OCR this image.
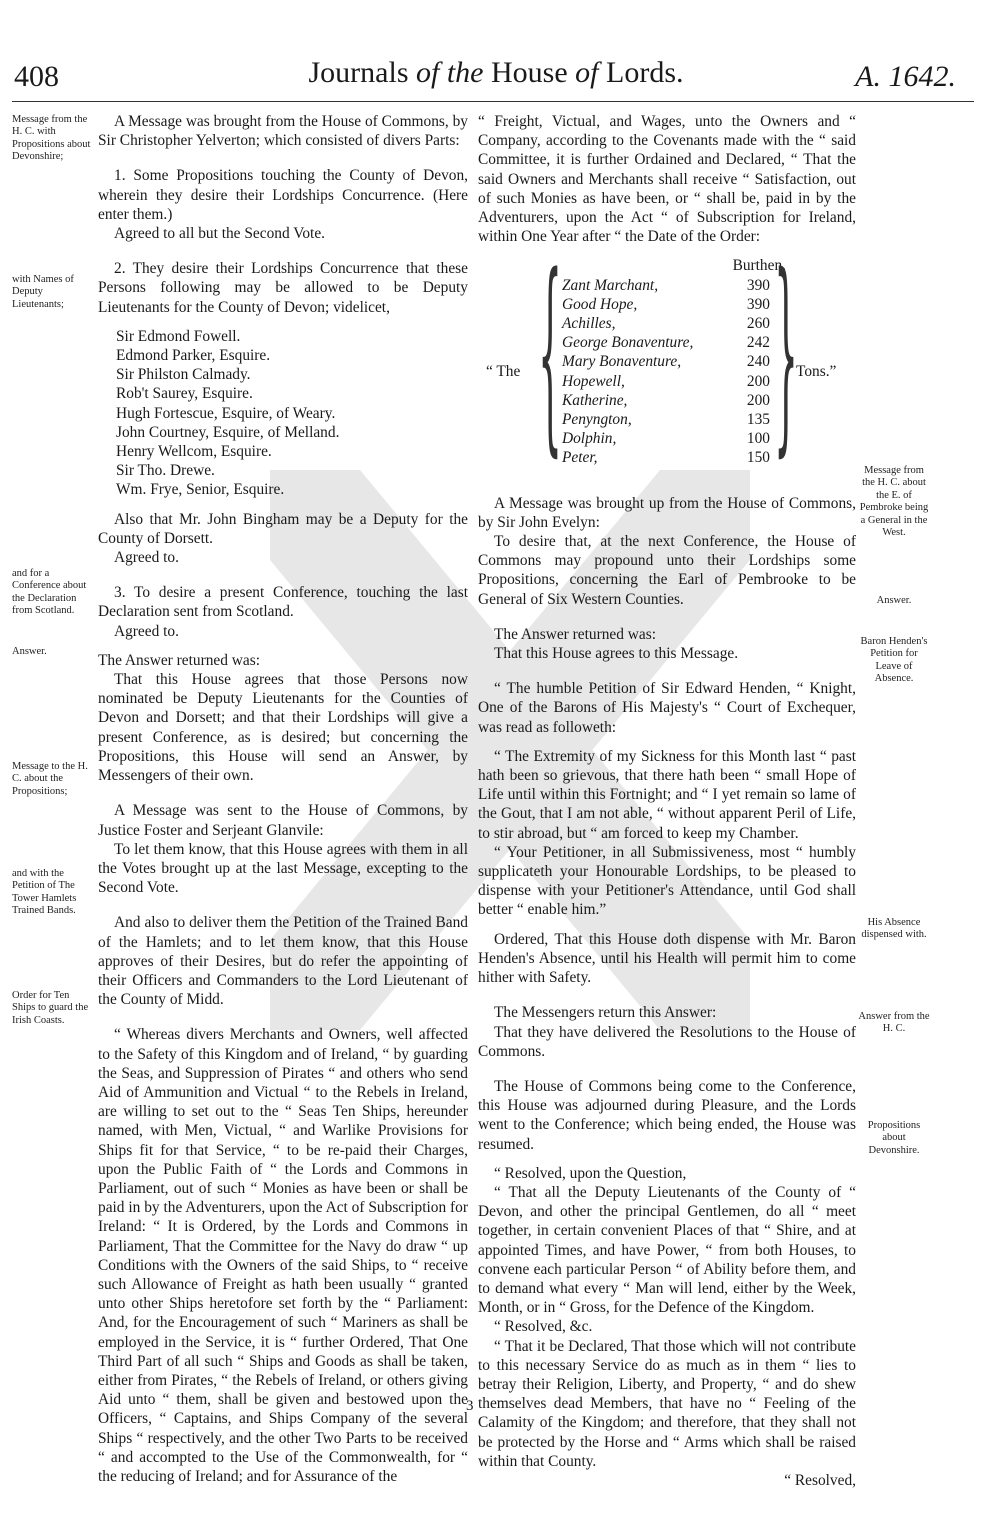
408	Journals of the House of Lords.	A. 1642.
Message from the H. C. with Propositions about Devonshire;
with Names of Deputy Lieutenants;
and for a Conference about the Declaration from Scotland.
Answer.
Message to the H. C. about the Propositions;
and with the Petition of The Tower Hamlets Trained Bands.
Order for Ten Ships to guard the Irish Coasts.
Message from the H. C. about the E. of Pembroke being a General in the West.
Answer.
Baron Henden's Petition for Leave of Absence.
His Absence dispensed with.
Answer from the H. C.
Propositions about Devonshire.

A Message was brought from the House of Commons, by Sir Christopher Yelverton; which consisted of divers Parts:

1. Some Propositions touching the County of Devon, wherein they desire their Lordships Concurrence. (Here enter them.)

Agreed to all but the Second Vote.

2. They desire their Lordships Concurrence that these Persons following may be allowed to be Deputy Lieutenants for the County of Devon; videlicet,

Sir Edmond Fowell.

Edmond Parker, Esquire.

Sir Philston Calmady.

Rob't Saurey, Esquire.

Hugh Fortescue, Esquire, of Weary.

John Courtney, Esquire, of Melland.

Henry Wellcom, Esquire.

Sir Tho. Drewe.

Wm. Frye, Senior, Esquire.

Also that Mr. John Bingham may be a Deputy for the County of Dorsett.

Agreed to.

3. To desire a present Conference, touching the last Declaration sent from Scotland.

Agreed to.

The Answer returned was:

That this House agrees that those Persons now nominated be Deputy Lieutenants for the Counties of Devon and Dorsett; and that their Lordships will give a present Conference, as is desired; but concerning the Propositions, this House will send an Answer, by Messengers of their own.

A Message was sent to the House of Commons, by Justice Foster and Serjeant Glanvile:

To let them know, that this House agrees with them in all the Votes brought up at the last Message, excepting to the Second Vote.

And also to deliver them the Petition of the Trained Band of the Hamlets; and to let them know, that this House approves of their Desires, but do refer the appointing of their Officers and Commanders to the Lord Lieutenant of the County of Midd.

“ Whereas divers Merchants and Owners, well affected to the Safety of this Kingdom and of Ireland, “ by guarding the Seas, and Suppression of Pirates “ and others who send Aid of Ammunition and Victual “ to the Rebels in Ireland, are willing to set out to the “ Seas Ten Ships, hereunder named, with Men, Victual, “ and Warlike Provisions for Ships fit for that Service, “ to be re-paid their Charges, upon the Public Faith of “ the Lords and Commons in Parliament, out of such “ Monies as have been or shall be paid in by the Adventurers, upon the Act of Subscription for Ireland: “ It is Ordered, by the Lords and Commons in Parliament, That the Committee for the Navy do draw “ up Conditions with the Owners of the said Ships, to “ receive such Allowance of Freight as hath been usually “ granted unto other Ships heretofore set forth by the “ Parliament: And, for the Encouragement of such “ Mariners as shall be employed in the Service, it is “ further Ordered, That One Third Part of all such “ Ships and Goods as shall be taken, either from Pirates, “ the Rebels of Ireland, or others giving Aid unto “ them, shall be given and bestowed upon the Officers, “ Captains, and Ships Company of the several Ships “ respectively, and the other Two Parts to be received “ and accompted to the Use of the Commonwealth, for “ the reducing of Ireland; and for Assurance of the

“ Freight, Victual, and Wages, unto the Owners and “ Company, according to the Covenants made with the “ said Committee, it is further Ordained and Declared, “ That the said Owners and Merchants shall receive “ Satisfaction, out of such Monies as have been, or “ shall be, paid in by the Adventurers, upon the Act “ of Subscription for Ireland, within One Year after “ the Date of the Order:

Burthen.

“ The { Zant Marchant,

Good Hope,

Achilles,

George Bonaventure,

Mary Bonaventure,

Hopewell,

Katherine,

Penyngton,

Dolphin,

Peter,

390

390

260

242

240

200

200

135

100

150 }
Tons.”

A Message was brought up from the House of Commons, by Sir John Evelyn:

To desire that, at the next Conference, the House of Commons may propound unto their Lordships some Propositions, concerning the Earl of Pembrooke to be General of Six Western Counties.

The Answer returned was:

That this House agrees to this Message.

“ The humble Petition of Sir Edward Henden, “ Knight, One of the Barons of His Majesty's “ Court of Exchequer, was read as followeth:

“ The Extremity of my Sickness for this Month last “ past hath been so grievous, that there hath been “ small Hope of Life until within this Fortnight; and “ I yet remain so lame of the Gout, that I am not able, “ without apparent Peril of Life, to stir abroad, but “ am forced to keep my Chamber.

“ Your Petitioner, in all Submissiveness, most “ humbly supplicateth your Honourable Lordships, to be pleased to dispense with your Petitioner's Attendance, until God shall better “ enable him.”

Ordered, That this House doth dispense with Mr. Baron Henden's Absence, until his Health will permit him to come hither with Safety.

The Messengers return this Answer:

That they have delivered the Resolutions to the House of Commons.

The House of Commons being come to the Conference, this House was adjourned during Pleasure, and the Lords went to the Conference; which being ended, the House was resumed.

“ Resolved, upon the Question,

“ That all the Deputy Lieutenants of the County of “ Devon, and other the principal Gentlemen, do all “ meet together, in certain convenient Places of that “ Shire, and at appointed Times, and have Power, “ from both Houses, to convene each particular Person “ of Ability before them, and to demand what every “ Man will lend, either by the Week, Month, or in “ Gross, for the Defence of the Kingdom.

“ Resolved, &c.

“ That it be Declared, That those which will not contribute to this necessary Service do as much as in them “ lies to betray their Religion, Liberty, and Property, “ and do shew themselves dead Members, that have no “ Feeling of the Calamity of the Kingdom; and therefore, that they shall not be protected by the Horse and “ Arms which shall be raised within that County.

“ Resolved,

3
